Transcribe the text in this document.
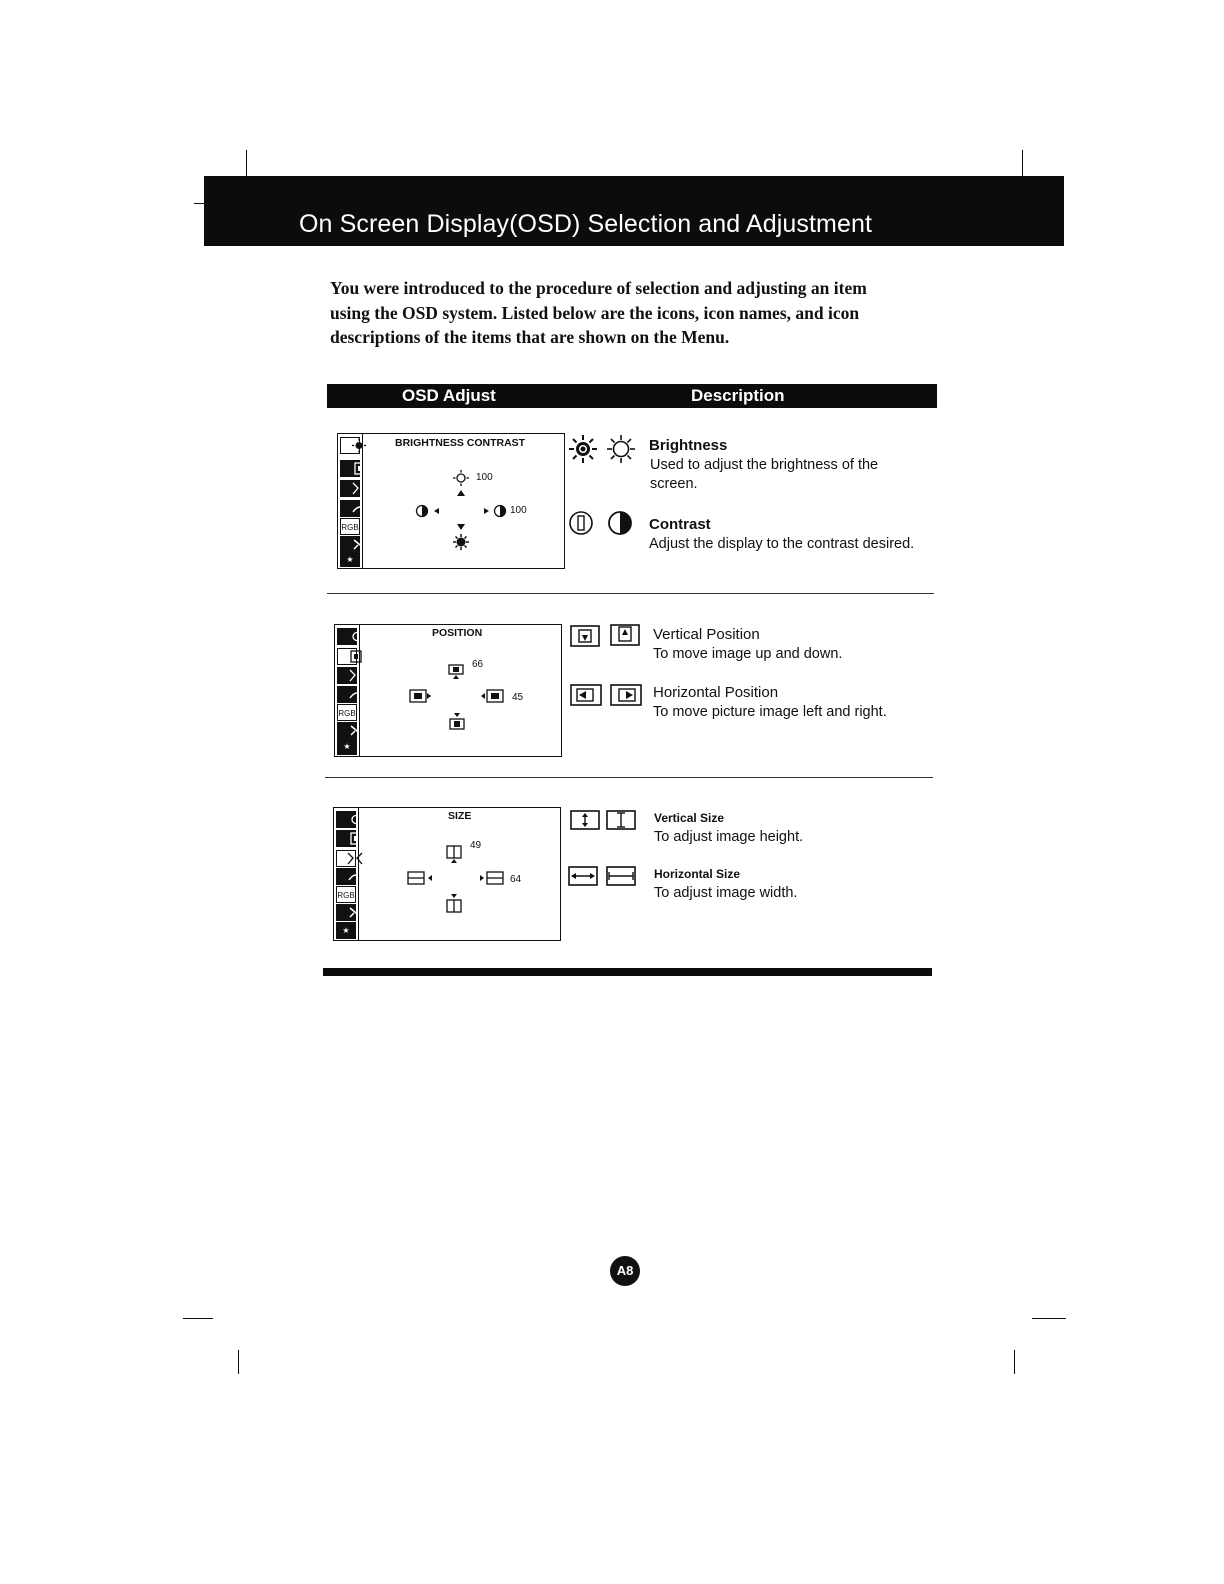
On Screen Display(OSD) Selection and Adjustment

You were introduced to the procedure of selection and adjusting an item

using the OSD system. Listed below are the icons, icon names, and icon

descriptions of the items that are shown on the Menu.

OSD Adjust	Description
RGB
★
BRIGHTNESS CONTRAST
100
100
Brightness
Used to adjust the brightness of the
screen.
Contrast
Adjust the display to the contrast desired.
RGB
★
POSITION
66
45
Vertical Position
To move image up and down.
Horizontal Position
To move picture image left and right.
RGB
★
SIZE
49
64
Vertical Size
To adjust image height.
Horizontal Size
To adjust image width.
A8
